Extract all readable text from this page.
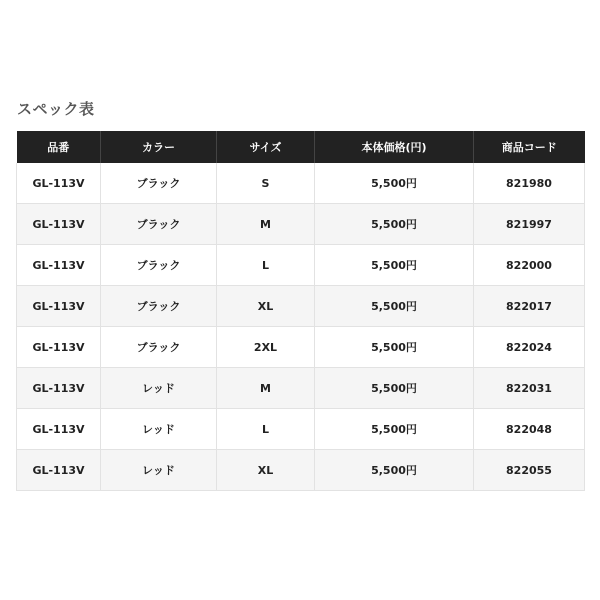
スペック表
品番	カラー	サイズ	本体価格(円)	商品コード
GL-113V	ブラック	S	5,500円	821980
GL-113V	ブラック	M	5,500円	821997
GL-113V	ブラック	L	5,500円	822000
GL-113V	ブラック	XL	5,500円	822017
GL-113V	ブラック	2XL	5,500円	822024
GL-113V	レッド	M	5,500円	822031
GL-113V	レッド	L	5,500円	822048
GL-113V	レッド	XL	5,500円	822055
